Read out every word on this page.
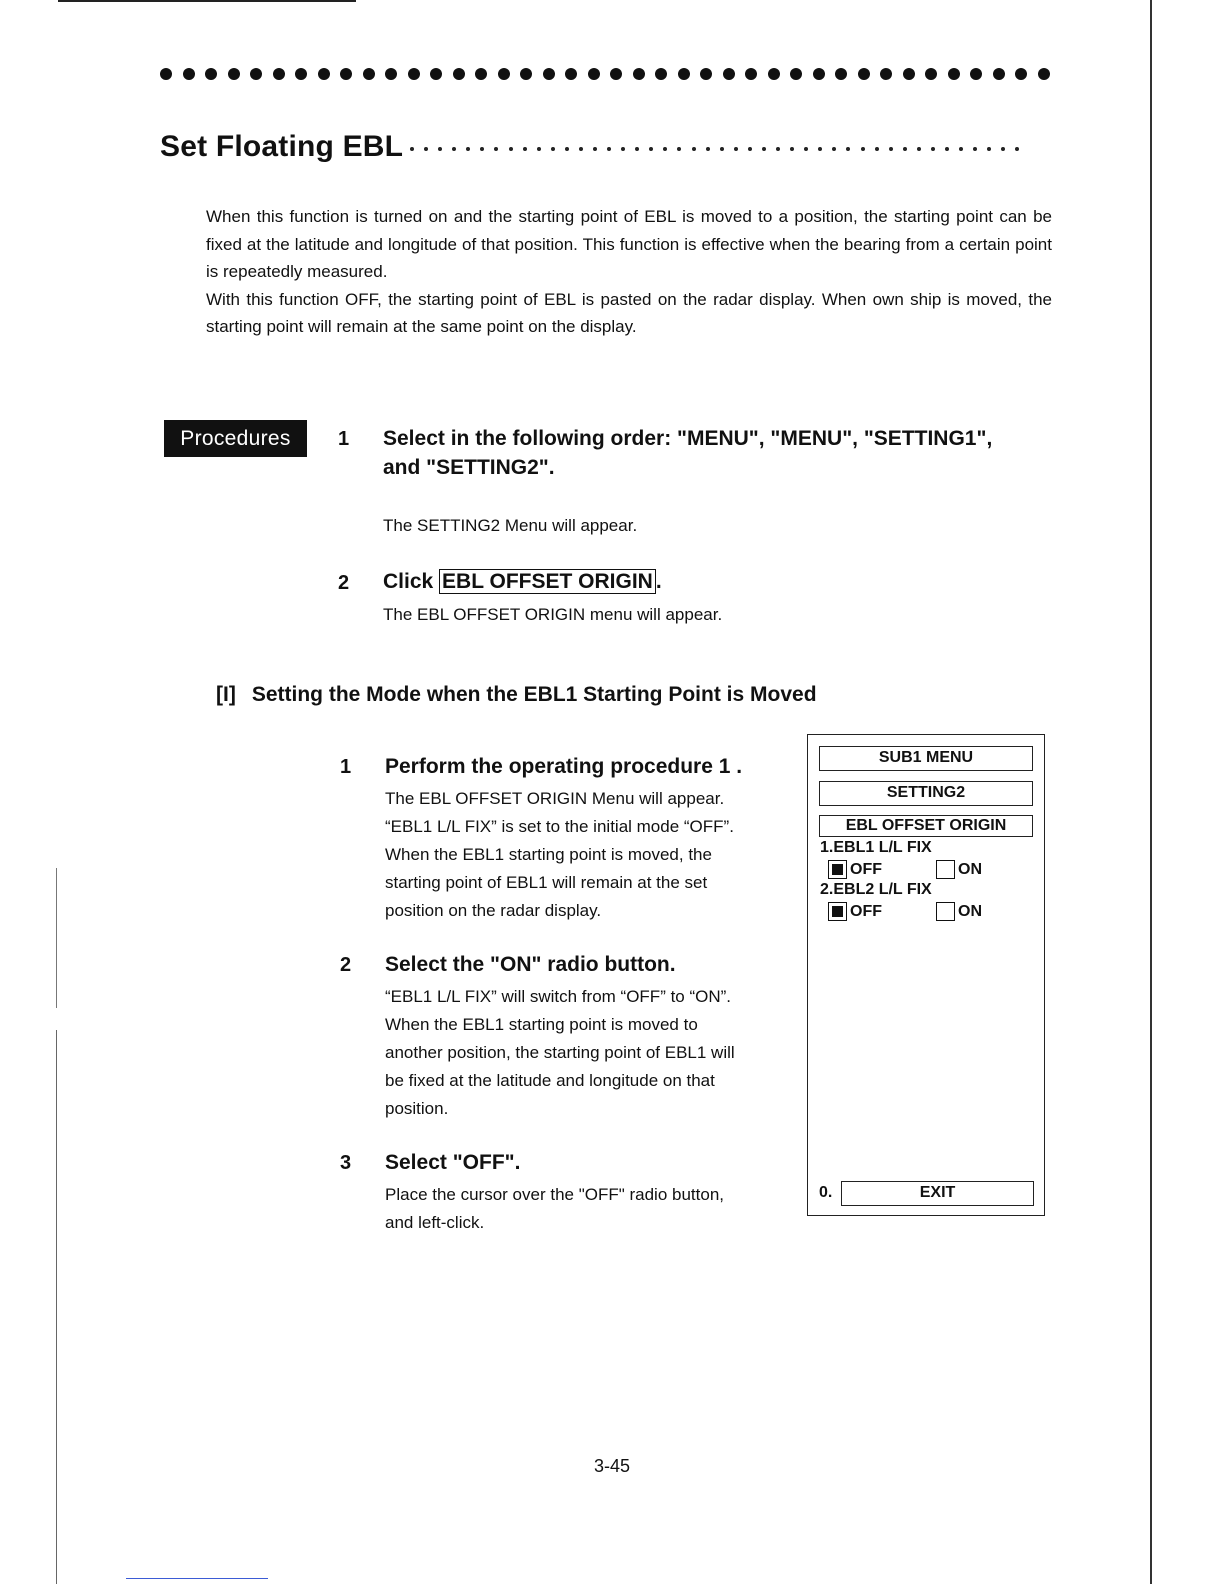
Set Floating EBL

When this function is turned on and the starting point of EBL is moved to a position, the starting point can be fixed at the latitude and longitude of that position. This function is effective when the bearing from a certain point is repeatedly measured.

With this function OFF, the starting point of EBL is pasted on the radar display. When own ship is moved, the starting point will remain at the same point on the display.

Procedures	1 Select in the following order: "MENU", "MENU", "SETTING1",
and "SETTING2".
The SETTING2 Menu will appear.
2 Click EBL OFFSET ORIGIN .
The EBL OFFSET ORIGIN menu will appear.
[I] Setting the Mode when the EBL1 Starting Point is Moved
1 Perform the operating procedure 1 .
The EBL OFFSET ORIGIN Menu will appear.
“EBL1 L/L FIX” is set to the initial mode “OFF”.
When the EBL1 starting point is moved, the
starting point of EBL1 will remain at the set
position on the radar display.
2 Select the "ON" radio button.
“EBL1 L/L FIX” will switch from “OFF” to “ON”.
When the EBL1 starting point is moved to
another position, the starting point of EBL1 will
be fixed at the latitude and longitude on that
position.
3 Select "OFF".
Place the cursor over the "OFF" radio button,
and left-click.
SUB1 MENU
SETTING2
EBL OFFSET ORIGIN
1.EBL1 L/L FIX
OFF	ON
2.EBL2 L/L FIX
OFF	ON
0.	EXIT
3-45
